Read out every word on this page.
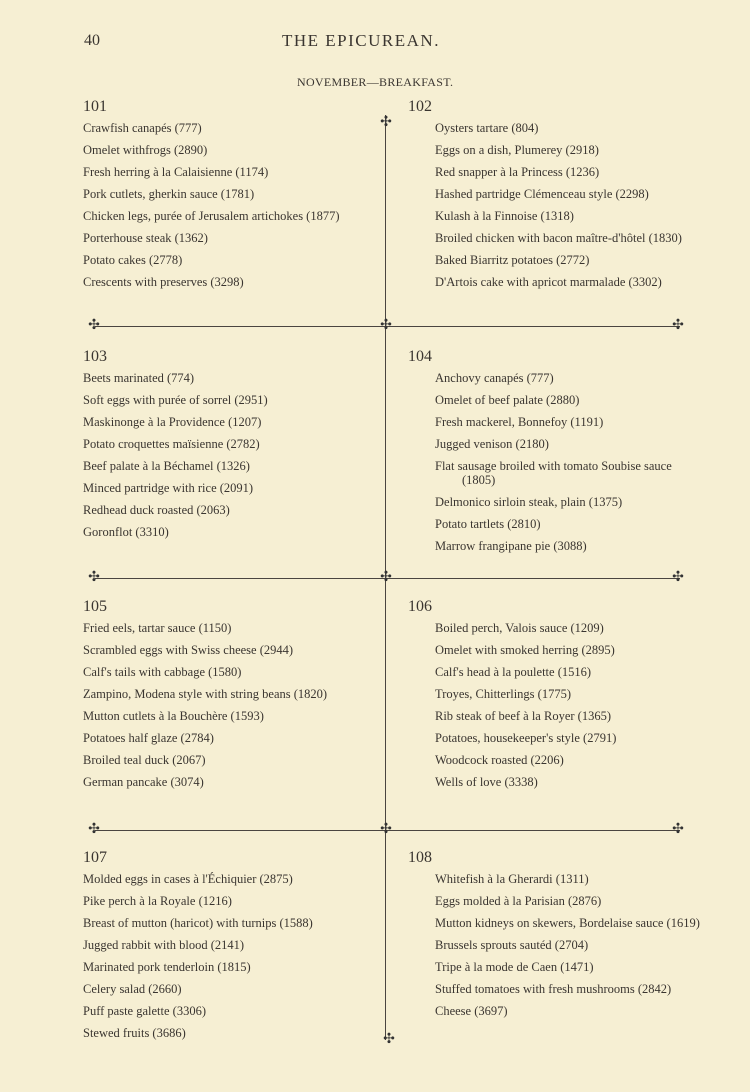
40	THE EPICUREAN.
NOVEMBER—BREAKFAST.
✣
✣	✣	✣
✣	✣	✣
✣	✣	✣
✣
101
Crawfish canapés (777)
Omelet withfrogs (2890)
Fresh herring à la Calaisienne (1174)
Pork cutlets, gherkin sauce (1781)
Chicken legs, purée of Jerusalem artichokes (1877)
Porterhouse steak (1362)
Potato cakes (2778)
Crescents with preserves (3298)
102
Oysters tartare (804)
Eggs on a dish, Plumerey (2918)
Red snapper à la Princess (1236)
Hashed partridge Clémenceau style (2298)
Kulash à la Finnoise (1318)
Broiled chicken with bacon maître-d'hôtel (1830)
Baked Biarritz potatoes (2772)
D'Artois cake with apricot marmalade (3302)
103
Beets marinated (774)
Soft eggs with purée of sorrel (2951)
Maskinonge à la Providence (1207)
Potato croquettes maïsienne (2782)
Beef palate à la Béchamel (1326)
Minced partridge with rice (2091)
Redhead duck roasted (2063)
Goronflot (3310)
104
Anchovy canapés (777)
Omelet of beef palate (2880)
Fresh mackerel, Bonnefoy (1191)
Jugged venison (2180)
Flat sausage broiled with tomato Soubise sauce (1805)
Delmonico sirloin steak, plain (1375)
Potato tartlets (2810)
Marrow frangipane pie (3088)
105
Fried eels, tartar sauce (1150)
Scrambled eggs with Swiss cheese (2944)
Calf's tails with cabbage (1580)
Zampino, Modena style with string beans (1820)
Mutton cutlets à la Bouchère (1593)
Potatoes half glaze (2784)
Broiled teal duck (2067)
German pancake (3074)
106
Boiled perch, Valois sauce (1209)
Omelet with smoked herring (2895)
Calf's head à la poulette (1516)
Troyes, Chitterlings (1775)
Rib steak of beef à la Royer (1365)
Potatoes, housekeeper's style (2791)
Woodcock roasted (2206)
Wells of love (3338)
107
Molded eggs in cases à l'Échiquier (2875)
Pike perch à la Royale (1216)
Breast of mutton (haricot) with turnips (1588)
Jugged rabbit with blood (2141)
Marinated pork tenderloin (1815)
Celery salad (2660)
Puff paste galette (3306)
Stewed fruits (3686)
108
Whitefish à la Gherardi (1311)
Eggs molded à la Parisian (2876)
Mutton kidneys on skewers, Bordelaise sauce (1619)
Brussels sprouts sautéd (2704)
Tripe à la mode de Caen (1471)
Stuffed tomatoes with fresh mushrooms (2842)
Cheese (3697)
